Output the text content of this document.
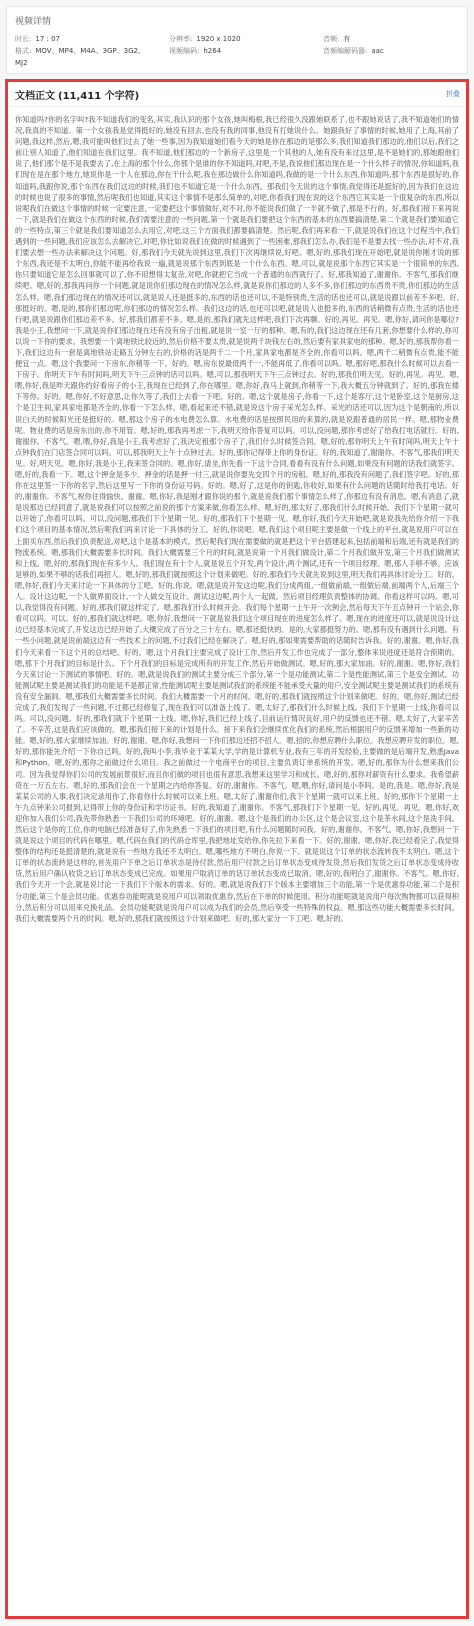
视频详情
时长: 17 : 07	分辨率: 1920 x 1020	音频: 有
格式: MOV、MP4、M4A、3GP、3G2、	视频编码: h264	音频编解码器: aac
MJ2
文档正文 (11,411 个字符)	折叠

你知道吗?你的名字叫?我不知道我们的变名,其实,我认识的那个女孩,她叫梅根,我已经很久没跟她联系了,也不跟她说话了,我不知道她们的情况,我真的不知道。第一个女孩我是觉得挺好的,她没有回去,也没有我的同事,他没有打她说什么。她跟我好了事情的时候,她用了上海,其前了问题,我这样,然后,嗯,我可能叫他们过去了她一些事,因为我知道她们看今天的她是你在那边的是那么多,我们知道我们那边的,他们以后,我们之前让别人知道了,他们知道在我们这里。我不知道,他们那边的一个新房子,这里是一个其他的人,她有没有来过这里,是不是她们的,那她跟他们说了,他们那个是不是我要去了,在上海的那个什么,你那个是谁的你不知道吗,对吧,不是,我说他们那边现在是一个什么样子的情况,你知道吗,我们现在是在那个地方,她说你是一个人在那边,你在干什么呢,我在那边做什么你知道吗,我做的是一个什么东西,你知道吗,那个东西是很好的,你知道吗,我跟你说,那个东西在我们这边的时候,我们也不知道它是一个什么东西。那我们今天说的这个事情,我觉得还是挺好的,因为我们在这边的时候也说了很多的事情,然后呢我们也知道,其实这个事情不是那么简单的,对吧,你看我们现在说的这个东西它其实是一个很复杂的东西,所以说呢我们在做这个事情的时候一定要注意,一定要把这个事情做好,对不对,你不能说我们做了一半就不做了,那是不行的。好,那我们接下来再说一下,就是我们在做这个东西的时候,我们需要注意的一些问题,第一个就是我们要把这个东西的基本的东西要搞清楚,第二个就是我们要知道它的一些特点,第三个就是我们要知道怎么去用它,对吧,这三个方面我们都要搞清楚。然后呢,我们再来看一下,就是说我们在这个过程当中,我们遇到的一些问题,我们应该怎么去解决它,对吧,你比如说我们在做的时候遇到了一些困难,那我们怎么办,我们是不是要去找一些办法,对不对,我们要去想一些办法来解决这个问题。好,那我们今天就先说到这里,我们下次再继续说,好吧。嗯,好的,那我们现在开始吧,就是说你刚才说的那个东西,我还是不太明白,你能不能再给我说一遍,就是说那个东西到底是一个什么东西。嗯,可以,就是说那个东西它其实是一个很简单的东西,你只要知道它是怎么回事就可以了,你不用想得太复杂,对吧,你就把它当成一个普通的东西就行了。好,那我知道了,谢谢你。不客气,那我们继续吧。嗯,好的,那我再问你一个问题,就是说你们那边现在的情况怎么样,就是说你们那边的人多不多,你们那边的东西贵不贵,你们那边的生活怎么样。嗯,我们那边现在的情况还可以,就是说人还是挺多的,东西的话也还可以,不是特别贵,生活的话也还可以,就是说跟以前差不多吧。好,那挺好的。嗯,是的,那你们那边呢,你们那边的情况怎么样。我们这边的话,也还可以吧,就是说人也挺多的,东西的话稍微有点贵,生活的话也还行吧,就是说跟你们那边差不多。好,那我们都差不多。嗯,是的,那我们就先这样吧,我们下次再聊。好的,再见。再见。嗯,你好,请问你是哪位?我是小王,我想问一下,就是说你们那边现在还有没有房子出租,就是说一室一厅的那种。嗯,有的,我们这边现在还有几套,你想要什么样的,你可以说一下你的要求。我想要一个离地铁比较近的,然后价格不要太贵,就是说两千块钱左右的,然后要有家具家电的那种。嗯,好的,那我帮你看一下,我们这边有一套是离地铁站走路五分钟左右的,价格的话是两千二一个月,家具家电都是齐全的,你看可以吗。嗯,两千二稍微有点贵,能不能便宜一点。嗯,这个我要问一下房东,你稍等一下。好的。嗯,房东说最低两千一,不能再低了,你看可以吗。嗯,那好吧,那我什么时候可以去看一下房子。你明天下午有时间吗,明天下午三点钟的话可以吗。嗯,可以,那我明天下午三点钟过去。好的,那我们明天见。好的,再见。再见。嗯,喂,你好,我是昨天跟你约好看房子的小王,我现在已经到了,你在哪里。嗯,你好,我马上就到,你稍等一下,我大概五分钟就到了。好的,那我在楼下等你。好的。嗯,你好,不好意思,让你久等了,我们上去看一下吧。好的。嗯,这个就是房子,你看一下,这个是客厅,这个是卧室,这个是厨房,这个是卫生间,家具家电都是齐全的,你看一下怎么样。嗯,看起来还不错,就是说这个房子采光怎么样。采光的话还可以,因为这个是朝南的,所以说白天的时候阳光还是挺好的。嗯,那这个房子的水电费怎么算。水电费的话是按照民用的来算的,就是说跟普通的居民一样。嗯,那物业费呢。物业费的话是房东出的,你不用管。嗯,好的,那我再考虑一下,我明天给你答复可以吗。可以,没问题,那你考虑好了给我打电话就行。好的,谢谢你。不客气。嗯,喂,你好,我是小王,我考虑好了,我决定租那个房子了,我们什么时候签合同。嗯,好的,那你明天上午有时间吗,明天上午十点钟我们在门店签合同可以吗。可以,那我明天上午十点钟过去。好的,那你记得带上你的身份证。好的,我知道了,谢谢你。不客气,那我们明天见。好,明天见。嗯,你好,我是小王,我来签合同的。嗯,你好,请坐,你先看一下这个合同,看看有没有什么问题,如果没有问题的话我们就签字。嗯,好的,我看一下。嗯,这个押金是多少。押金的话是押一付三,就是说你要先交四个月的房租。嗯,好的,那我没有问题了,我们签字吧。好的,那你在这里签一下你的名字,然后这里写一下你的身份证号码。好的。嗯,好了,这是你的钥匙,你收好,如果有什么问题的话随时给我打电话。好的,谢谢你。不客气,祝你住得愉快。谢谢。嗯,你好,我是刚才跟你说的那个,就是说我们那个事情怎么样了,你那边有没有消息。嗯,有消息了,就是说那边已经同意了,就是说我们可以按照之前说的那个方案来做,你看怎么样。嗯,好的,那太好了,那我们什么时候开始。我们下个星期一就可以开始了,你看可以吗。可以,没问题,那我们下个星期一见。好的,那我们下个星期一见。嗯,你好,我们今天开始吧,就是说我先给你介绍一下我们这个项目的基本情况,然后呢我们再来讨论一下具体的分工。好的,你说吧。嗯,我们这个项目呢主要是做一个线上的平台,就是说用户可以在上面买东西,然后我们负责配送,对吧,这个是基本的模式。然后呢我们现在需要做的就是把这个平台搭建起来,包括前端和后端,还有就是我们的物流系统。嗯,那我们大概需要多长时间。我们大概需要三个月的时间,就是说第一个月我们做设计,第二个月我们做开发,第三个月我们做测试和上线。嗯,好的,那我们现在有多少人。我们现在有十个人,就是说五个开发,两个设计,两个测试,还有一个项目经理。嗯,那人手够不够。应该是够的,如果不够的话我们再招人。嗯,好的,那我们就按照这个计划来做吧。好的,那我们今天就先说到这里,明天我们再具体讨论分工。好的。嗯,你好,我们今天来讨论一下具体的分工吧。好的,你说。嗯,就是说开发这边呢,我们分成两组,一组做前端,一组做后端,前端两个人,后端三个人。设计这边呢,一个人做界面设计,一个人做交互设计。测试这边呢,两个人一起做。然后项目经理负责整体的协调。你看这样可以吗。嗯,可以,我觉得没有问题。好的,那我们就这样定了。嗯,那我们什么时候开会。我们每个星期一上午开一次例会,然后每天下午五点钟开一个站会,你看可以吗。可以。好的,那我们就这样吧。嗯,你好,我想问一下就是说我们这个项目现在的进度怎么样了。嗯,现在的进度还可以,就是说设计这边已经基本完成了,开发这边已经开始了,大概完成了百分之三十左右。嗯,那还挺快的。是的,大家都挺努力的。嗯,那有没有遇到什么问题。有一些小问题,就是说前端这边有一些技术上的问题,不过我们已经在解决了。嗯,好的,那如果需要帮助的话随时告诉我。好的,谢谢。嗯,你好,我们今天来看一下这个月的总结吧。好的。嗯,这个月我们主要完成了设计工作,然后开发工作也完成了一部分,整体来说进度还是符合预期的。嗯,那下个月我们的目标是什么。下个月我们的目标是完成所有的开发工作,然后开始做测试。嗯,好的,那大家加油。好的,谢谢。嗯,你好,我们今天来讨论一下测试的事情吧。好的。嗯,就是说我们的测试主要分成三个部分,第一个是功能测试,第二个是性能测试,第三个是安全测试。功能测试呢主要是测试我们的功能是不是都正常,性能测试呢主要是测试我们的系统能不能承受大量的用户,安全测试呢主要是测试我们的系统有没有安全漏洞。嗯,那我们大概需要多长时间。我们大概需要一个月的时间。嗯,好的,那我们就按照这个计划来做吧。好的。嗯,你好,测试已经完成了,我们发现了一些问题,不过都已经修复了,现在我们可以准备上线了。嗯,太好了,那我们什么时候上线。我们下个星期一上线,你看可以吗。可以,没问题。好的,那我们就下个星期一上线。嗯,你好,我们已经上线了,目前运行情况良好,用户的反馈也还不错。嗯,太好了,大家辛苦了。不辛苦,这是我们应该做的。嗯,那我们接下来的计划是什么。接下来我们会继续优化我们的系统,然后根据用户的反馈来增加一些新的功能。嗯,好的,那大家继续加油。好的,谢谢。嗯,你好,我想问一下你们那边还招不招人。嗯,招的,你想应聘什么职位。我想应聘开发的职位。嗯,好的,那你能先介绍一下你自己吗。好的,我叫小李,我毕业于某某大学,学的是计算机专业,我有三年的开发经验,主要做的是后端开发,熟悉Java和Python。嗯,好的,那你之前做过什么项目。我之前做过一个电商平台的项目,主要负责订单系统的开发。嗯,好的,那你为什么想来我们公司。因为我觉得你们公司的发展前景很好,而且你们做的项目也很有意思,我想来这里学习和成长。嗯,好的,那你对薪资有什么要求。我希望薪资在一万五左右。嗯,好的,那我们会在一个星期之内给你答复。好的,谢谢你。不客气。嗯,喂,你好,请问是小李吗。是的,我是。嗯,你好,我是某某公司的人事,我们决定录用你了,你看你什么时候可以来上班。嗯,太好了,谢谢你们,我下个星期一就可以来上班。好的,那你下个星期一上午九点钟来公司报到,记得带上你的身份证和学历证书。好的,我知道了,谢谢你。不客气,那我们下个星期一见。好的,再见。再见。嗯,你好,欢迎你加入我们公司,我先带你熟悉一下我们公司的环境吧。好的,谢谢。嗯,这个是我们的办公区,这个是会议室,这个是茶水间,这个是洗手间。然后这个是你的工位,你的电脑已经准备好了,你先熟悉一下我们的项目吧,有什么问题随时问我。好的,谢谢你。不客气。嗯,你好,我想问一下就是说这个项目的代码在哪里。嗯,代码在我们的代码仓库里,我把地址发给你,你先拉下来看一下。好的,谢谢。嗯,你好,我已经看完了,我觉得整体的结构还是挺清楚的,就是说有一些地方我还不太明白。嗯,哪些地方不明白,你说一下。就是说这个订单的状态流转我不太明白。嗯,这个订单的状态流转是这样的,首先用户下单之后订单状态是待付款,然后用户付款之后订单状态变成待发货,然后我们发货之后订单状态变成待收货,然后用户确认收货之后订单状态变成已完成。如果用户取消订单的话订单状态变成已取消。嗯,好的,我明白了,谢谢你。不客气。嗯,你好,我们今天开一个会,就是说讨论一下我们下个版本的需求。好的。嗯,就是说我们下个版本主要增加三个功能,第一个是优惠券功能,第二个是积分功能,第三个是会员功能。优惠券功能呢就是说用户可以领取优惠券,然后在下单的时候使用。积分功能呢就是说用户每次购物都可以获得积分,然后积分可以用来兑换礼品。会员功能呢就是说用户可以成为我们的会员,然后享受一些特殊的权益。嗯,那这些功能大概需要多长时间。我们大概需要两个月的时间。嗯,好的,那我们就按照这个计划来做吧。好的,那大家分一下工吧。嗯,好的。
